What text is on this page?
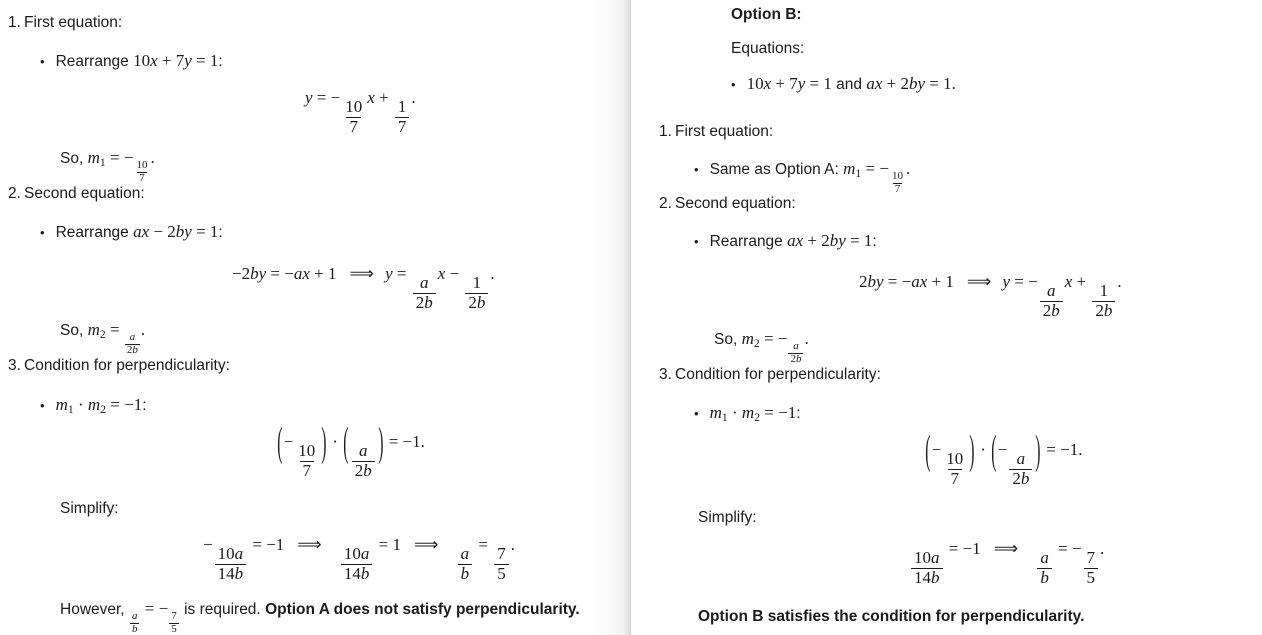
1. First equation:
• Rearrange 10x + 7y = 1:
y = −
$\frac{10}{7}$
x +
$\frac{1}{7}$
.
So, m1 = −
$\frac{10}{7}$
.
2. Second equation:
• Rearrange ax − 2by = 1:
−2by = −ax + 1 ⟹ y =
$\frac{a}{2b}$
x −
$\frac{1}{2b}$
.
So, m2 =
$\frac{a}{2b}$
.
3. Condition for perpendicularity:
• m1 · m2 = −1:
(−
$\frac{10}{7}$ ) · ( $\frac{a}{2b}$ ) = −1.
Simplify:
−
$\frac{10a}{14b}$
= −1 ⟹
$\frac{10a}{14b}$
= 1 ⟹
$\frac{a}{b}$
=
$\frac{7}{5}$
.
However,
$\frac{a}{b}$
= −
$\frac{7}{5}$
is required. Option A does not satisfy perpendicularity.
Option B:
Equations:
• 10x + 7y = 1 and ax + 2by = 1.
1. First equation:
• Same as Option A: m1 = −
$\frac{10}{7}$
.
2. Second equation:
• Rearrange ax + 2by = 1:
2by = −ax + 1 ⟹ y = −
$\frac{a}{2b}$
x +
$\frac{1}{2b}$
.
So, m2 = −
$\frac{a}{2b}$
.
3. Condition for perpendicularity:
• m1 · m2 = −1:
(−
$\frac{10}{7}$ ) · (−
$\frac{a}{2b}$ ) = −1.
Simplify:
$\frac{10a}{14b}$
= −1 ⟹
$\frac{a}{b}$
= −
$\frac{7}{5}$
.
Option B satisfies the condition for perpendicularity.
